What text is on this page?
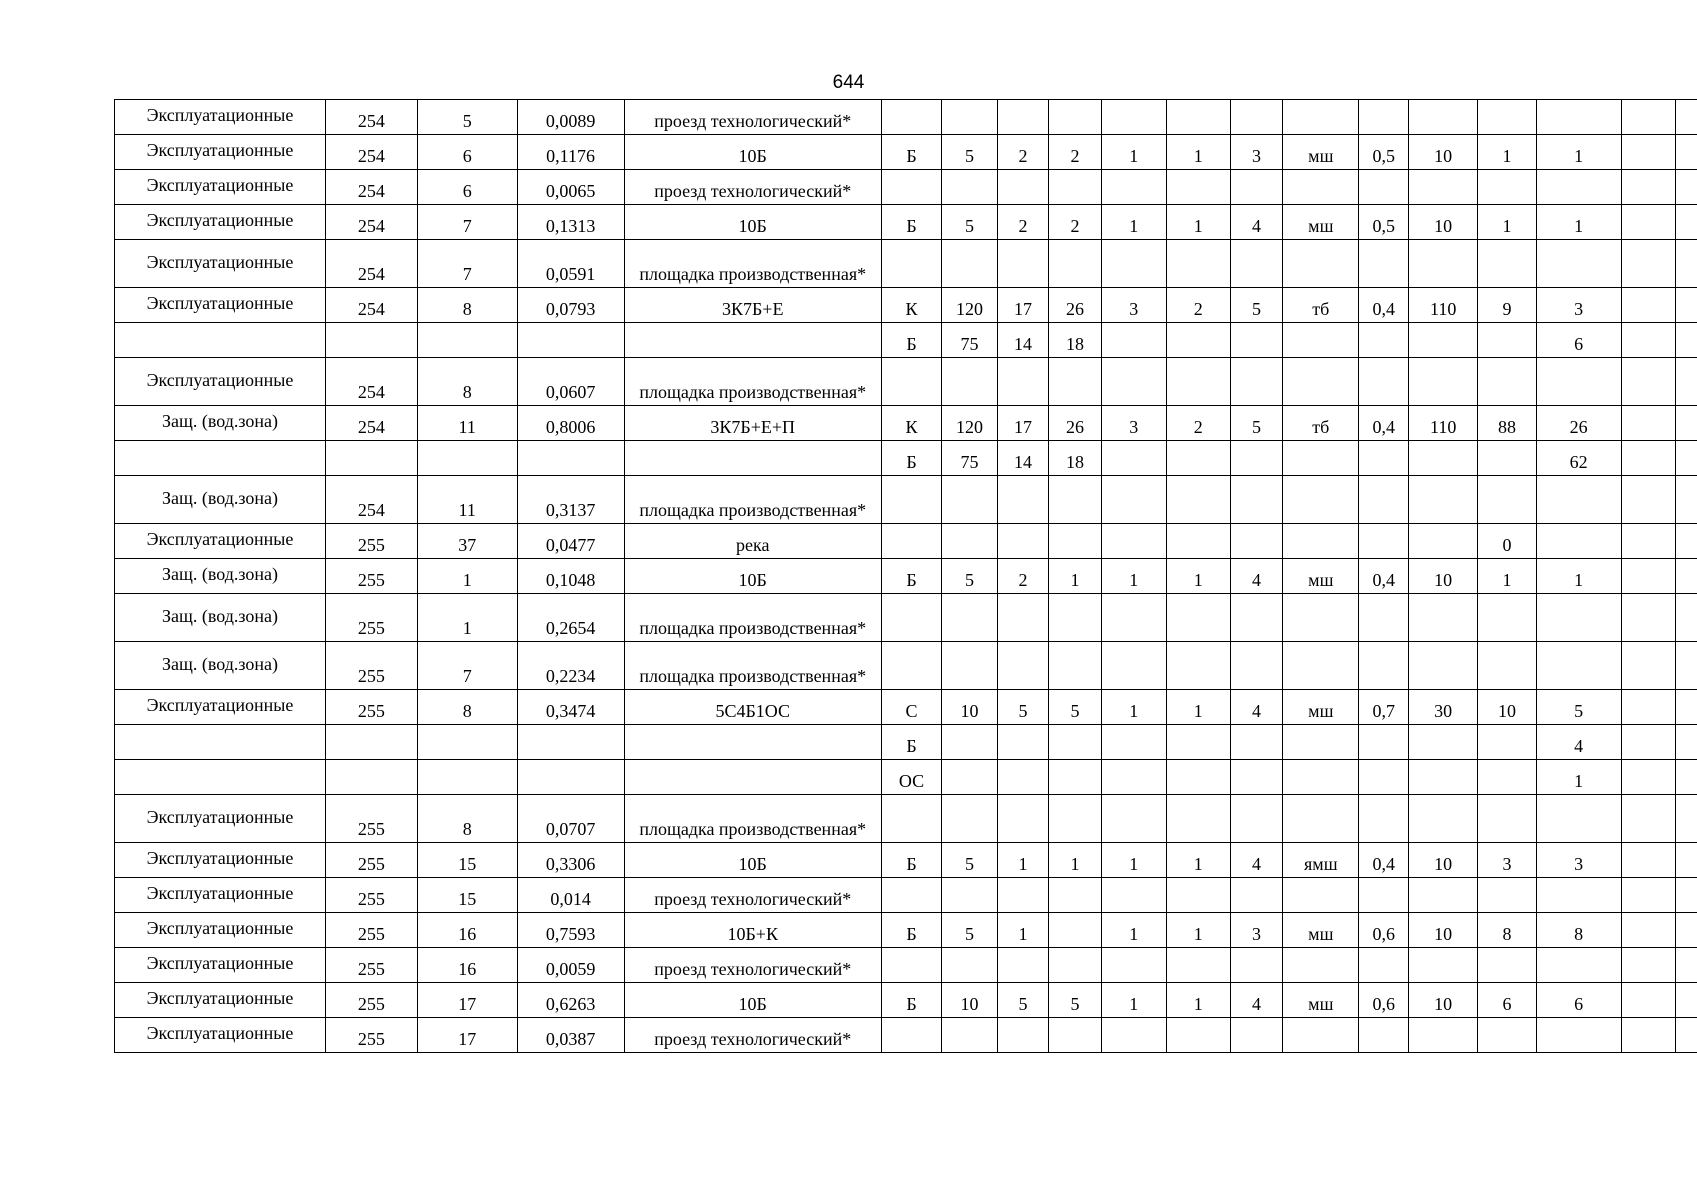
644
Эксплуатационные	254	5	0,0089	проезд технологический*														
Эксплуатационные	254	6	0,1176	10Б	Б	5	2	2	1	1	3	мш	0,5	10	1	1		
Эксплуатационные	254	6	0,0065	проезд технологический*														
Эксплуатационные	254	7	0,1313	10Б	Б	5	2	2	1	1	4	мш	0,5	10	1	1		
Эксплуатационные	254	7	0,0591	площадка производственная*														
Эксплуатационные	254	8	0,0793	3К7Б+Е	К	120	17	26	3	2	5	тб	0,4	110	9	3		
					Б	75	14	18								6		
Эксплуатационные	254	8	0,0607	площадка производственная*														
Защ. (вод.зона)	254	11	0,8006	3К7Б+Е+П	К	120	17	26	3	2	5	тб	0,4	110	88	26		
					Б	75	14	18								62		
Защ. (вод.зона)	254	11	0,3137	площадка производственная*														
Эксплуатационные	255	37	0,0477	река											0			
Защ. (вод.зона)	255	1	0,1048	10Б	Б	5	2	1	1	1	4	мш	0,4	10	1	1		
Защ. (вод.зона)	255	1	0,2654	площадка производственная*														
Защ. (вод.зона)	255	7	0,2234	площадка производственная*														
Эксплуатационные	255	8	0,3474	5С4Б1ОС	С	10	5	5	1	1	4	мш	0,7	30	10	5		
					Б											4		
					ОС											1		
Эксплуатационные	255	8	0,0707	площадка производственная*														
Эксплуатационные	255	15	0,3306	10Б	Б	5	1	1	1	1	4	ямш	0,4	10	3	3		
Эксплуатационные	255	15	0,014	проезд технологический*														
Эксплуатационные	255	16	0,7593	10Б+К	Б	5	1		1	1	3	мш	0,6	10	8	8		
Эксплуатационные	255	16	0,0059	проезд технологический*														
Эксплуатационные	255	17	0,6263	10Б	Б	10	5	5	1	1	4	мш	0,6	10	6	6		
Эксплуатационные	255	17	0,0387	проезд технологический*														
